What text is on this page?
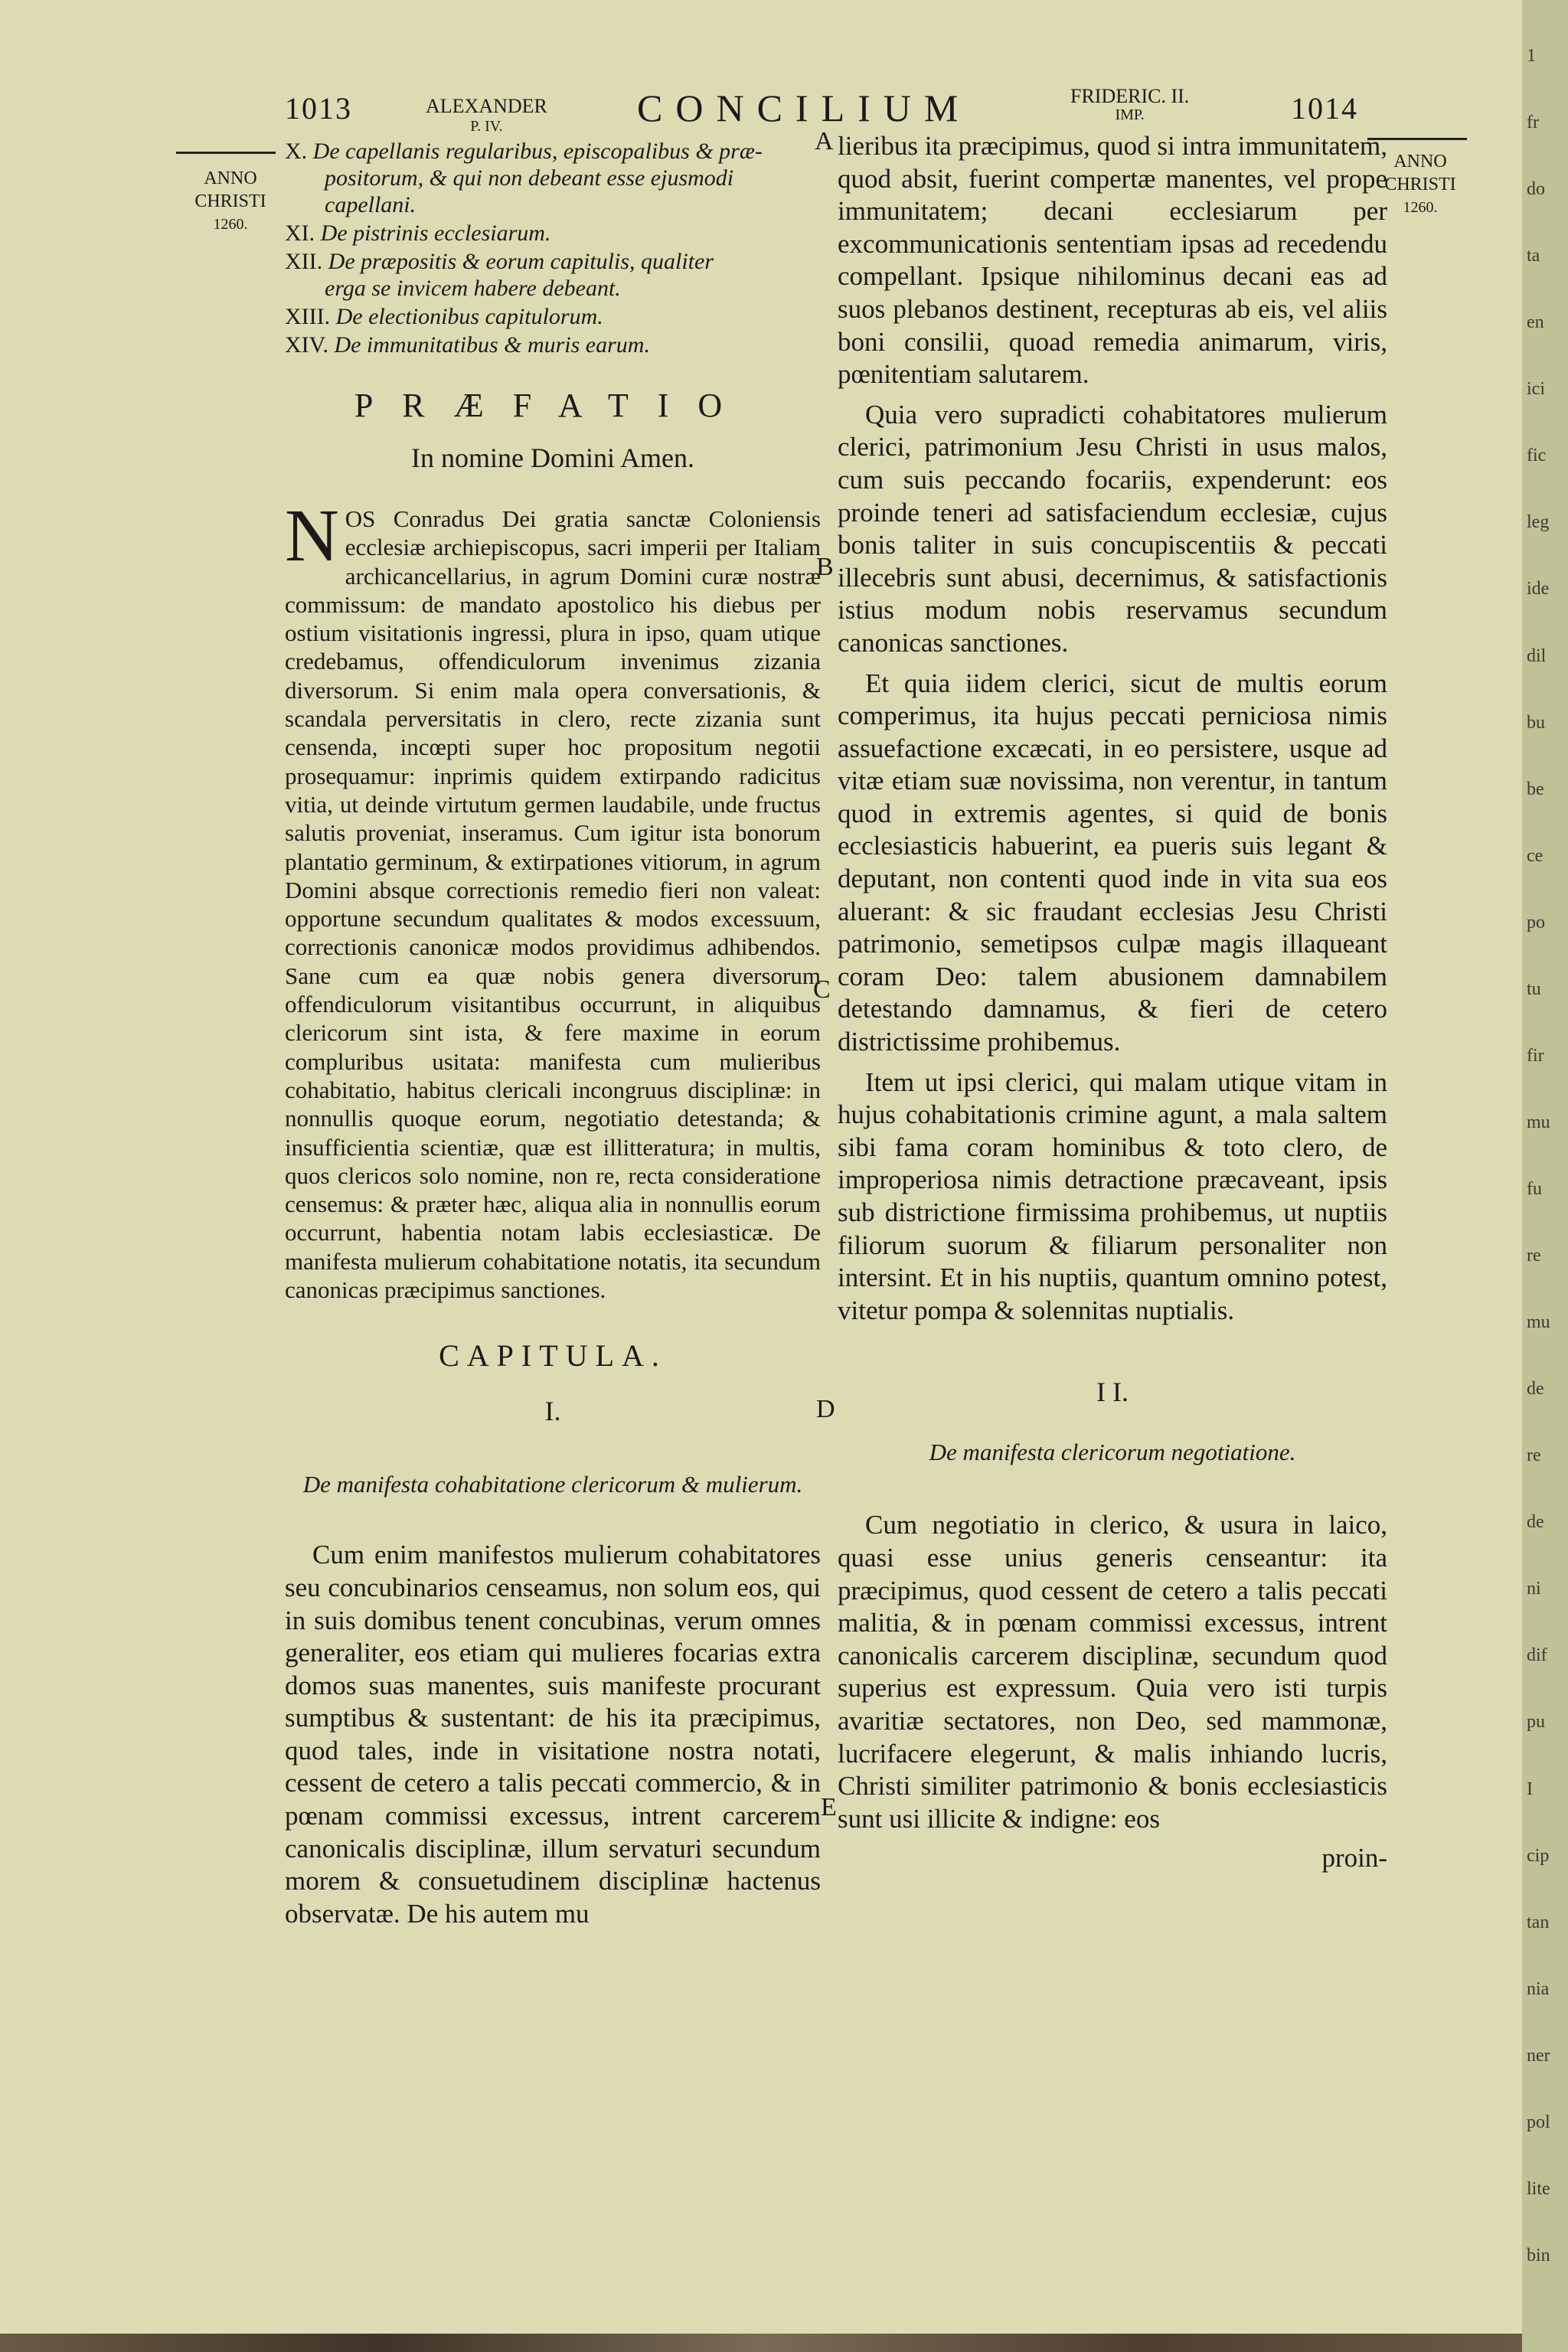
1013	ALEXANDER
P. IV.	CONCILIUM	FRIDERIC. II.
IMP.	1014
ANNO
CHRISTI
1260.
ANNO
CHRISTI
1260.
A
B
C
D
E
X. De capellanis regularibus, episcopalibus & præ-
positorum, & qui non debeant esse ejusmodi capellani.
XI. De pistrinis ecclesiarum.
XII. De præpositis & eorum capitulis, qualiter
erga se invicem habere debeant.
XIII. De electionibus capitulorum.
XIV. De immunitatibus & muris earum.
PRÆFATIO
In nomine Domini Amen.

NOS Conradus Dei gratia sanctæ Coloniensis ecclesiæ archiepiscopus, sacri imperii per Italiam archicancellarius, in agrum Domini curæ nostræ commissum: de mandato apostolico his diebus per ostium visitationis ingressi, plura in ipso, quam utique credebamus, offendiculorum invenimus zizania diversorum. Si enim mala opera conversationis, & scandala perversitatis in clero, recte zizania sunt censenda, incœpti super hoc propositum negotii prosequamur: inprimis quidem extirpando radicitus vitia, ut deinde virtutum germen laudabile, unde fructus salutis proveniat, inseramus. Cum igitur ista bonorum plantatio germinum, & extirpationes vitiorum, in agrum Domini absque correctionis remedio fieri non valeat: opportune secundum qualitates & modos excessuum, correctionis canonicæ modos providimus adhibendos. Sane cum ea quæ nobis genera diversorum offendiculorum visitantibus occurrunt, in aliquibus clericorum sint ista, & fere maxime in eorum compluribus usitata: manifesta cum mulieribus cohabitatio, habitus clericali incongruus disciplinæ: in nonnullis quoque eorum, negotiatio detestanda; & insufficientia scientiæ, quæ est illitteratura; in multis, quos clericos solo nomine, non re, recta consideratione censemus: & præter hæc, aliqua alia in nonnullis eorum occurrunt, habentia notam labis ecclesiasticæ. De manifesta mulierum cohabitatione notatis, ita secundum canonicas præcipimus sanctiones.

CAPITULA.
I.
De manifesta cohabitatione clericorum & mulierum.

Cum enim manifestos mulierum cohabitatores seu concubinarios censeamus, non solum eos, qui in suis domibus tenent concubinas, verum omnes generaliter, eos etiam qui mulieres focarias extra domos suas manentes, suis manifeste procurant sumptibus & sustentant: de his ita præcipimus, quod tales, inde in visitatione nostra notati, cessent de cetero a talis peccati commercio, & in pœnam commissi excessus, intrent carcerem canonicalis disciplinæ, illum servaturi secundum morem & consuetudinem disciplinæ hactenus observatæ. De his autem mu

lieribus ita præcipimus, quod si intra immunitatem, quod absit, fuerint compertæ manentes, vel prope immunitatem; decani ecclesiarum per excommunicationis sententiam ipsas ad recedendu compellant. Ipsique nihilominus decani eas ad suos plebanos destinent, recepturas ab eis, vel aliis boni consilii, quoad remedia animarum, viris, pœnitentiam salutarem.

Quia vero supradicti cohabitatores mulierum clerici, patrimonium Jesu Christi in usus malos, cum suis peccando focariis, expenderunt: eos proinde teneri ad satisfaciendum ecclesiæ, cujus bonis taliter in suis concupiscentiis & peccati illecebris sunt abusi, decernimus, & satisfactionis istius modum nobis reservamus secundum canonicas sanctiones.

Et quia iidem clerici, sicut de multis eorum comperimus, ita hujus peccati perniciosa nimis assuefactione excæcati, in eo persistere, usque ad vitæ etiam suæ novissima, non verentur, in tantum quod in extremis agentes, si quid de bonis ecclesiasticis habuerint, ea pueris suis legant & deputant, non contenti quod inde in vita sua eos aluerant: & sic fraudant ecclesias Jesu Christi patrimonio, semetipsos culpæ magis illaqueant coram Deo: talem abusionem damnabilem detestando damnamus, & fieri de cetero districtissime prohibemus.

Item ut ipsi clerici, qui malam utique vitam in hujus cohabitationis crimine agunt, a mala saltem sibi fama coram hominibus & toto clero, de improperiosa nimis detractione præcaveant, ipsis sub districtione firmissima prohibemus, ut nuptiis filiorum suorum & filiarum personaliter non intersint. Et in his nuptiis, quantum omnino potest, vitetur pompa & solennitas nuptialis.

I I.
De manifesta clericorum negotiatione.

Cum negotiatio in clerico, & usura in laico, quasi esse unius generis censeantur: ita præcipimus, quod cessent de cetero a talis peccati malitia, & in pœnam commissi excessus, intrent canonicalis carcerem disciplinæ, secundum quod superius est expressum. Quia vero isti turpis avaritiæ sectatores, non Deo, sed mammonæ, lucrifacere elegerunt, & malis inhiando lucris, Christi similiter patrimonio & bonis ecclesiasticis sunt usi illicite & indigne: eos

proin-
1
fr
do
ta
en
ici
fic
leg
ide
dil
bu
be
ce
po
tu
fir
mu
fu
re
mu
de
re
de
ni
dif
pu
I
cip
tan
nia
ner
pol
lite
bin
